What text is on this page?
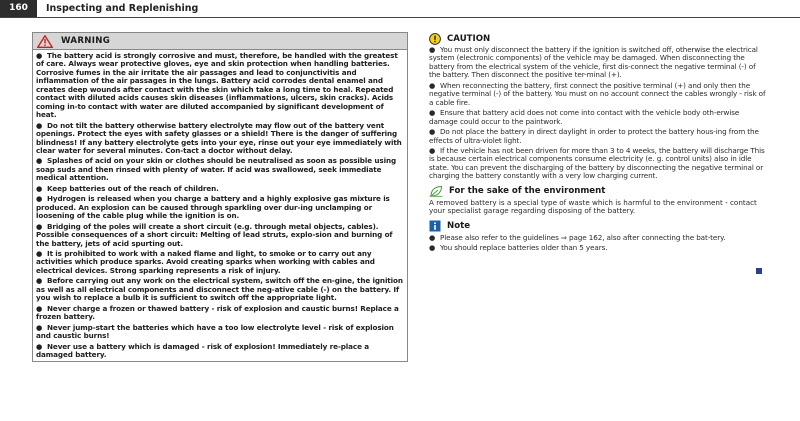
160	Inspecting and Replenishing
WARNING

● The battery acid is strongly corrosive and must, therefore, be handled with the greatest of care. Always wear protective gloves, eye and skin protection when handling batteries. Corrosive fumes in the air irritate the air passages and lead to conjunctivitis and inflammation of the air passages in the lungs. Battery acid corrodes dental enamel and creates deep wounds after contact with the skin which take a long time to heal. Repeated contact with diluted acids causes skin diseases (inflammations, ulcers, skin cracks). Acids coming in-to contact with water are diluted accompanied by significant development of heat.

● Do not tilt the battery otherwise battery electrolyte may flow out of the battery vent openings. Protect the eyes with safety glasses or a shield! There is the danger of suffering blindness! If any battery electrolyte gets into your eye, rinse out your eye immediately with clear water for several minutes. Con-tact a doctor without delay.

● Splashes of acid on your skin or clothes should be neutralised as soon as possible using soap suds and then rinsed with plenty of water. If acid was swallowed, seek immediate medical attention.

● Keep batteries out of the reach of children.

● Hydrogen is released when you charge a battery and a highly explosive gas mixture is produced. An explosion can be caused through sparkling over dur-ing unclamping or loosening of the cable plug while the ignition is on.

● Bridging of the poles will create a short circuit (e.g. through metal objects, cables). Possible consequences of a short circuit: Melting of lead struts, explo-sion and burning of the battery, jets of acid spurting out.

● It is prohibited to work with a naked flame and light, to smoke or to carry out any activities which produce sparks. Avoid creating sparks when working with cables and electrical devices. Strong sparking represents a risk of injury.

● Before carrying out any work on the electrical system, switch off the en-gine, the ignition as well as all electrical components and disconnect the neg-ative cable (-) on the battery. If you wish to replace a bulb it is sufficient to switch off the appropriate light.

● Never charge a frozen or thawed battery - risk of explosion and caustic burns! Replace a frozen battery.

● Never jump-start the batteries which have a too low electrolyte level - risk of explosion and caustic burns!

● Never use a battery which is damaged - risk of explosion! Immediately re-place a damaged battery.

CAUTION

● You must only disconnect the battery if the ignition is switched off, otherwise the electrical system (electronic components) of the vehicle may be damaged. When disconnecting the battery from the electrical system of the vehicle, first dis-connect the negative terminal (-) of the battery. Then disconnect the positive ter-minal (+).

● When reconnecting the battery, first connect the positive terminal (+) and only then the negative terminal (-) of the battery. You must on no account connect the cables wrongly - risk of a cable fire.

● Ensure that battery acid does not come into contact with the vehicle body oth-erwise damage could occur to the paintwork.

● Do not place the battery in direct daylight in order to protect the battery hous-ing from the effects of ultra-violet light.

● If the vehicle has not been driven for more than 3 to 4 weeks, the battery will discharge This is because certain electrical components consume electricity (e. g. control units) also in idle state. You can prevent the discharging of the battery by disconnecting the negative terminal or charging the battery constantly with a very low charging current.

For the sake of the environment

A removed battery is a special type of waste which is harmful to the environment - contact your specialist garage regarding disposing of the battery.

Note

● Please also refer to the guidelines ⇒ page 162, also after connecting the bat-tery.

● You should replace batteries older than 5 years.
